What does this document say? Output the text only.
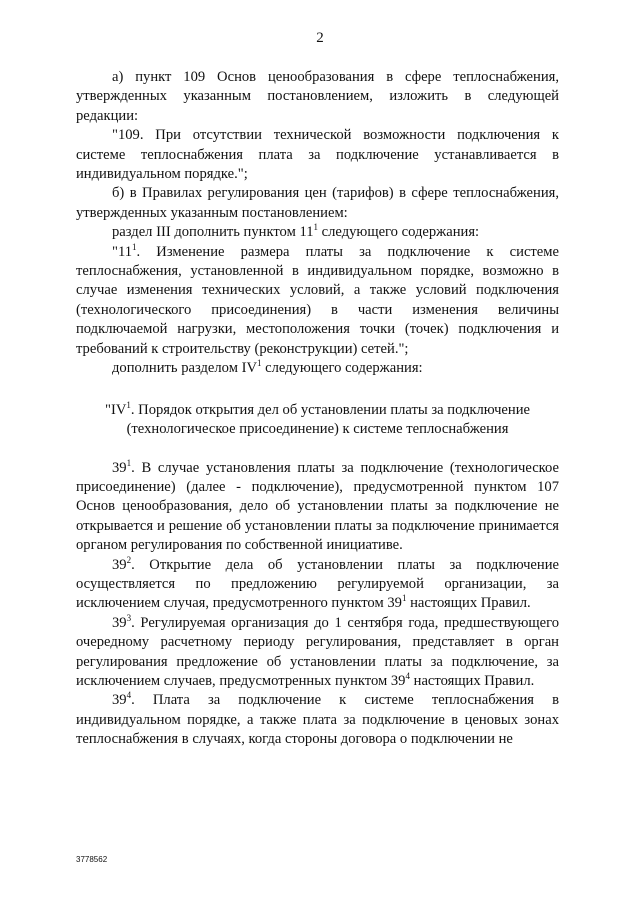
2

а) пункт 109 Основ ценообразования в сфере теплоснабжения, утвержденных указанным постановлением, изложить в следующей редакции:

"109. При отсутствии технической возможности подключения к системе теплоснабжения плата за подключение устанавливается в индивидуальном порядке.";

б) в Правилах регулирования цен (тарифов) в сфере теплоснабжения, утвержденных указанным постановлением:

раздел III дополнить пунктом $11^1$ следующего содержания:

"$11^1$. Изменение размера платы за подключение к системе теплоснабжения, установленной в индивидуальном порядке, возможно в случае изменения технических условий, а также условий подключения (технологического присоединения) в части изменения величины подключаемой нагрузки, местоположения точки (точек) подключения и требований к строительству (реконструкции) сетей.";

дополнить разделом $IV^1$ следующего содержания:

"$IV^1$. Порядок открытия дел об установлении платы за подключение
(технологическое присоединение) к системе теплоснабжения

$39^1$. В случае установления платы за подключение (технологическое присоединение) (далее - подключение), предусмотренной пунктом 107 Основ ценообразования, дело об установлении платы за подключение не открывается и решение об установлении платы за подключение принимается органом регулирования по собственной инициативе.

$39^2$. Открытие дела об установлении платы за подключение осуществляется по предложению регулируемой организации, за исключением случая, предусмотренного пунктом $39^1$ настоящих Правил.

$39^3$. Регулируемая организация до 1 сентября года, предшествующего очередному расчетному периоду регулирования, представляет в орган регулирования предложение об установлении платы за подключение, за исключением случаев, предусмотренных пунктом $39^4$ настоящих Правил.

$39^4$. Плата за подключение к системе теплоснабжения в индивидуальном порядке, а также плата за подключение в ценовых зонах теплоснабжения в случаях, когда стороны договора о подключении не

3778562
